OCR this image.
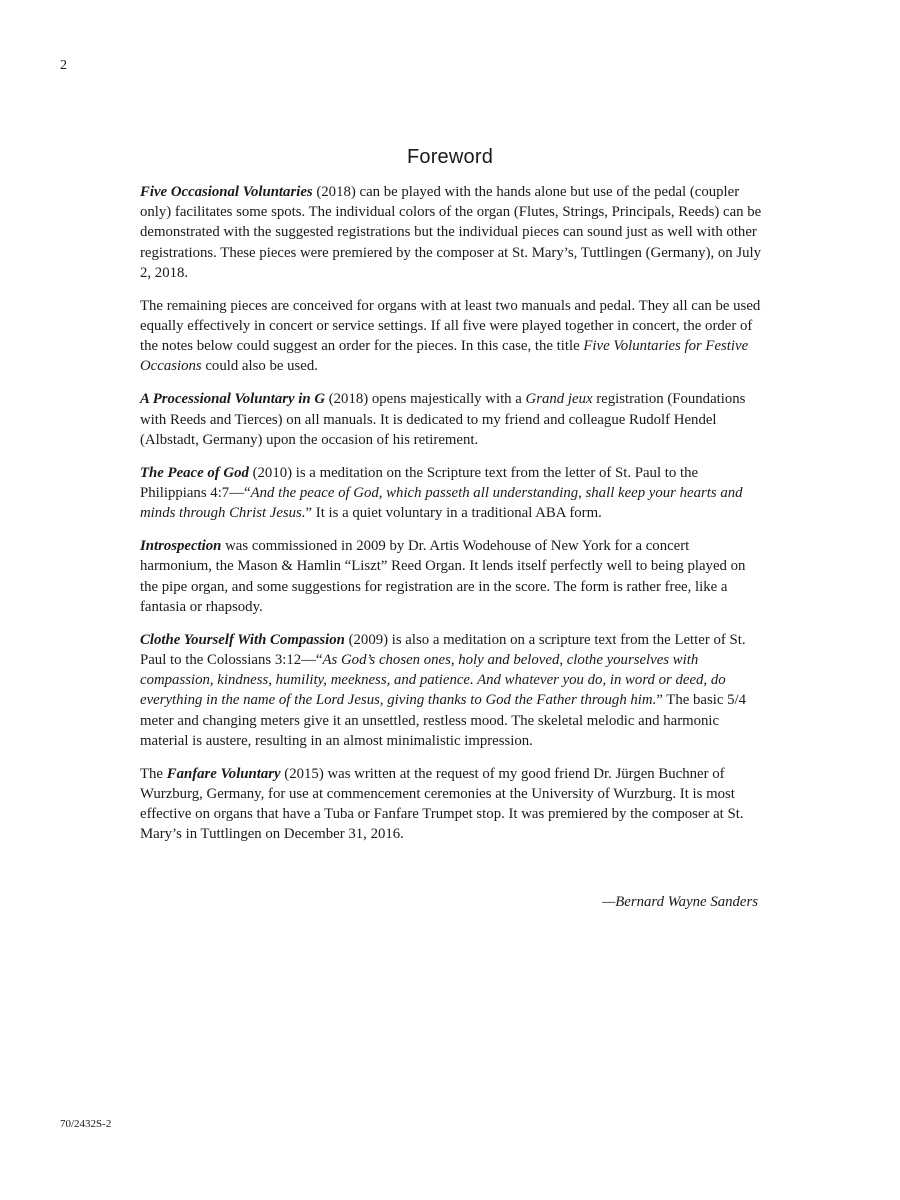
2
Foreword

Five Occasional Voluntaries (2018) can be played with the hands alone but use of the pedal (coupler only) facilitates some spots. The individual colors of the organ (Flutes, Strings, Principals, Reeds) can be demonstrated with the suggested registrations but the individual pieces can sound just as well with other registrations. These pieces were premiered by the composer at St. Mary’s, Tuttlingen (Germany), on July 2, 2018.

The remaining pieces are conceived for organs with at least two manuals and pedal. They all can be used equally effectively in concert or service settings. If all five were played together in concert, the order of the notes below could suggest an order for the pieces. In this case, the title Five Voluntaries for Festive Occasions could also be used.

A Processional Voluntary in G (2018) opens majestically with a Grand jeux registration (Foundations with Reeds and Tierces) on all manuals. It is dedicated to my friend and colleague Rudolf Hendel (Albstadt, Germany) upon the occasion of his retirement.

The Peace of God (2010) is a meditation on the Scripture text from the letter of St. Paul to the Philippians 4:7—“And the peace of God, which passeth all understanding, shall keep your hearts and minds through Christ Jesus.” It is a quiet voluntary in a traditional ABA form.

Introspection was commissioned in 2009 by Dr. Artis Wodehouse of New York for a concert harmonium, the Mason & Hamlin “Liszt” Reed Organ. It lends itself perfectly well to being played on the pipe organ, and some suggestions for registration are in the score. The form is rather free, like a fantasia or rhapsody.

Clothe Yourself With Compassion (2009) is also a meditation on a scripture text from the Letter of St. Paul to the Colossians 3:12—“As God’s chosen ones, holy and beloved, clothe yourselves with compassion, kindness, humility, meekness, and patience. And whatever you do, in word or deed, do everything in the name of the Lord Jesus, giving thanks to God the Father through him.” The basic 5/4 meter and changing meters give it an unsettled, restless mood. The skeletal melodic and harmonic material is austere, resulting in an almost minimalistic impression.

The Fanfare Voluntary (2015) was written at the request of my good friend Dr. Jürgen Buchner of Wurzburg, Germany, for use at commencement ceremonies at the University of Wurzburg. It is most effective on organs that have a Tuba or Fanfare Trumpet stop. It was premiered by the composer at St. Mary’s in Tuttlingen on December 31, 2016.

—Bernard Wayne Sanders
70/2432S-2
